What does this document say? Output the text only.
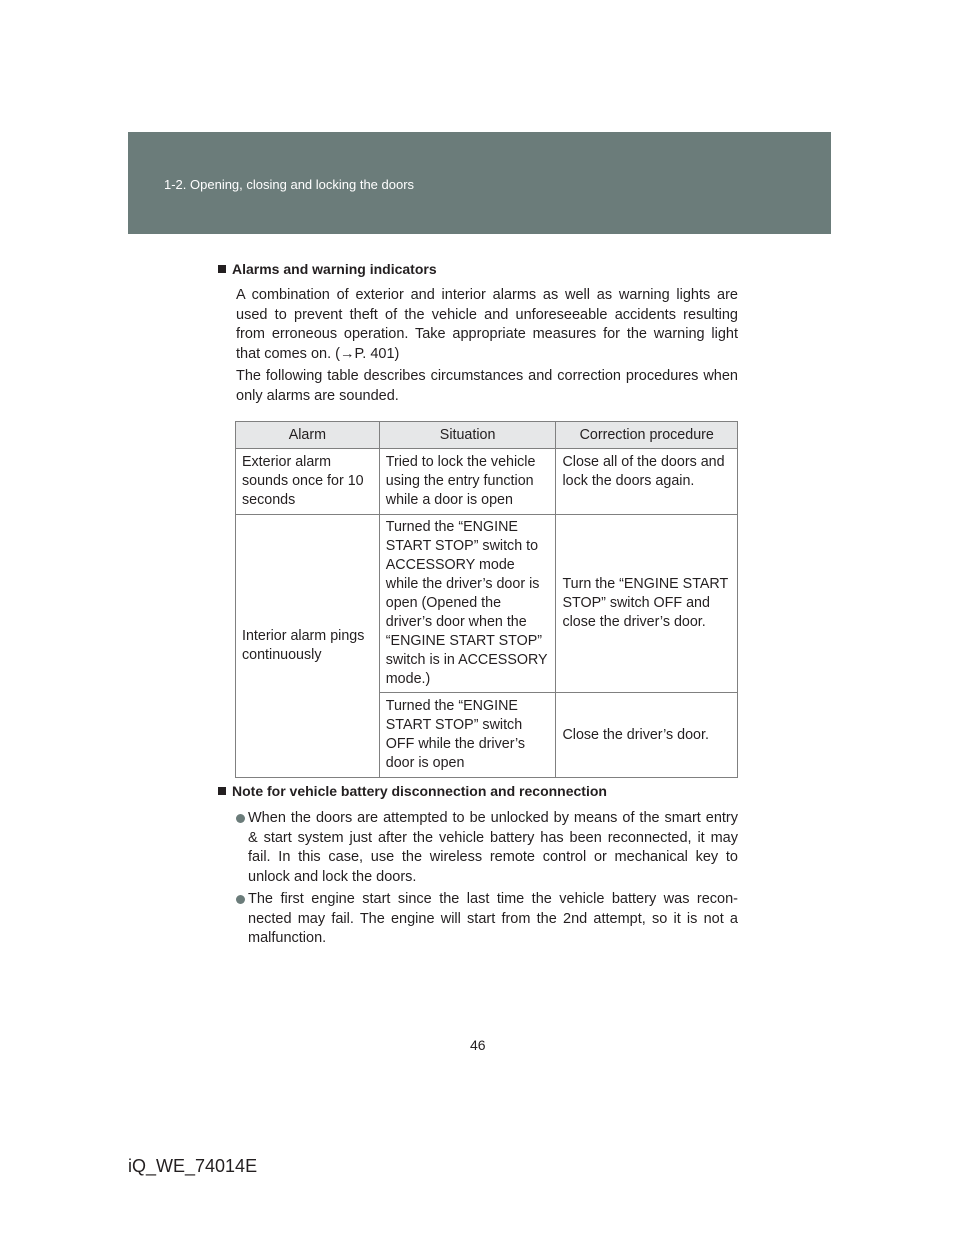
1-2. Opening, closing and locking the doors
Alarms and warning indicators
A combination of exterior and interior alarms as well as warning lights are used to prevent theft of the vehicle and unforeseeable accidents resulting from erroneous operation. Take appropriate measures for the warning light that comes on. (→P. 401)
The following table describes circumstances and correction procedures when only alarms are sounded.
Alarm	Situation	Correction procedure
Exterior alarm sounds once for 10 seconds	Tried to lock the vehicle using the entry function while a door is open	Close all of the doors and lock the doors again.
Interior alarm pings continuously	Turned the “ENGINE START STOP” switch to ACCESSORY mode while the driver’s door is open (Opened the driver’s door when the “ENGINE START STOP” switch is in ACCESSORY mode.)	Turn the “ENGINE START STOP” switch OFF and close the driver’s door.
	Turned the “ENGINE START STOP” switch OFF while the driver’s door is open	Close the driver’s door.
Note for vehicle battery disconnection and reconnection
When the doors are attempted to be unlocked by means of the smart entry & start system just after the vehicle battery has been reconnected, it may fail. In this case, use the wireless remote control or mechanical key to unlock and lock the doors.
The first engine start since the last time the vehicle battery was recon-nected may fail. The engine will start from the 2nd attempt, so it is not a malfunction.
46
iQ_WE_74014E
